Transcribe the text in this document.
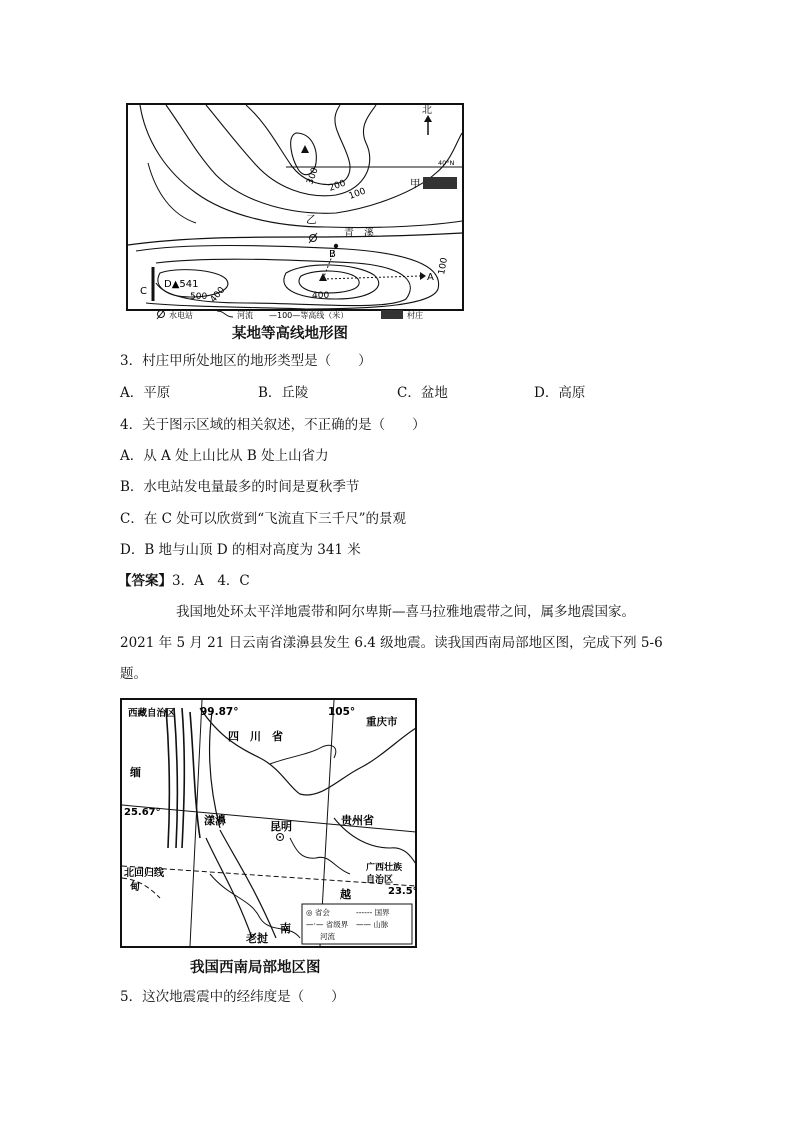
北
40°N
甲
乙
青　溪
B
A
C
D▲541
300
200
100
500 400	400
100
水电站	河流 —100—等高线（米）	村庄
某地等高线地形图
3．村庄甲所处地区的地形类型是（　　）
A．平原	B．丘陵	C．盆地	D．高原
4．关于图示区域的相关叙述，不正确的是（　　）
A．从 A 处上山比从 B 处上山省力
B．水电站发电量最多的时间是夏秋季节
C．在 C 处可以欣赏到“飞流直下三千尺”的景观
D．B 地与山顶 D 的相对高度为 341 米
【答案】3．A　4．C
我国地处环太平洋地震带和阿尔卑斯—喜马拉雅地震带之间，属多地震国家。
2021 年 5 月 21 日云南省漾濞县发生 6.4 级地震。读我国西南局部地区图，完成下列 5-6
题。
西藏自治区 99.87°
四　川　省
105°
重庆市
缅
25.67°
漾濞	昆明	贵州省
北回归线
甸
广西壮族
自治区
23.5°
越
南
老挝
◎ 省会	------ 国界
—·— 省级界 —— 山脉
河流
我国西南局部地区图
5．这次地震震中的经纬度是（　　）
